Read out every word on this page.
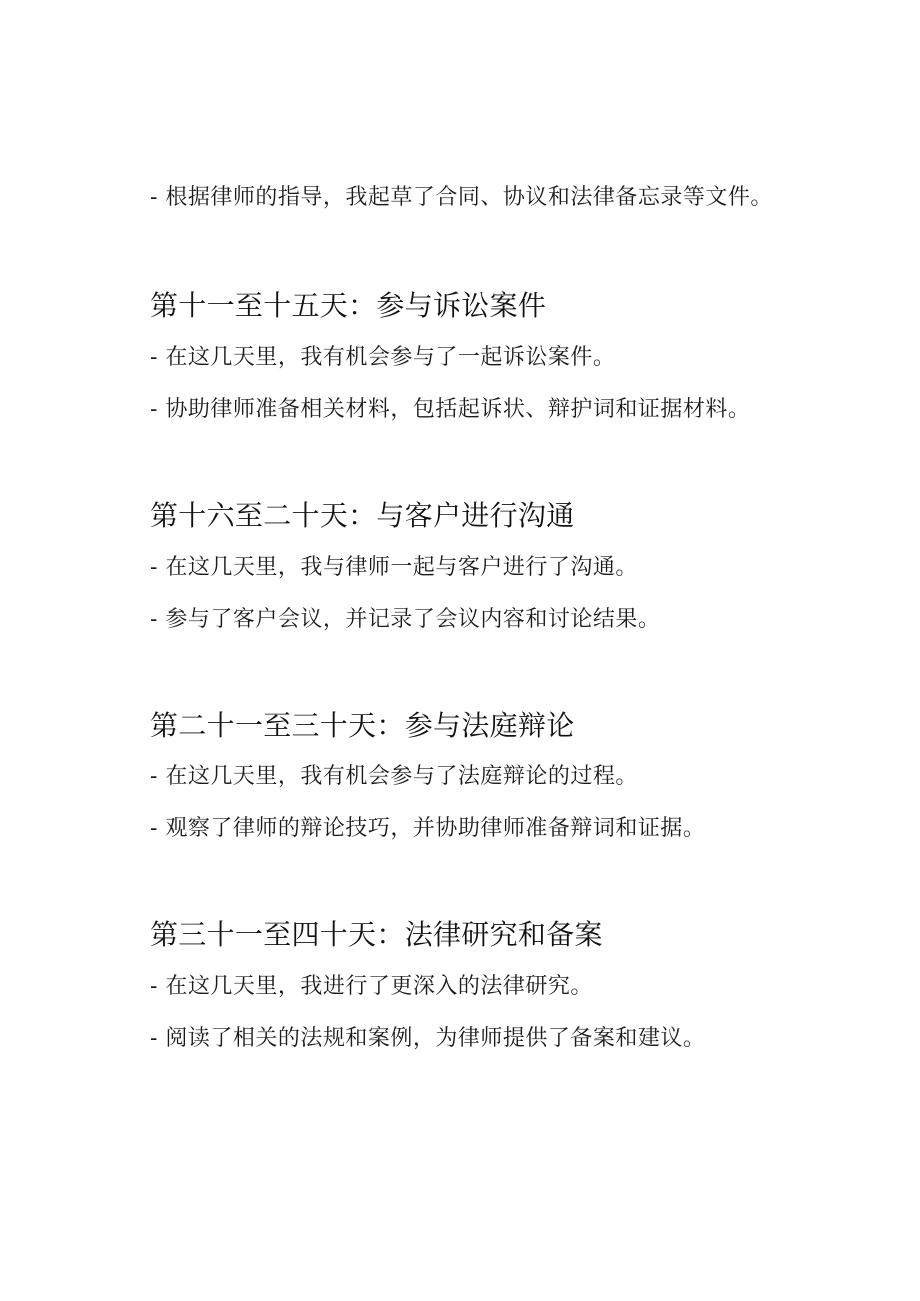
- 根据律师的指导，我起草了合同、协议和法律备忘录等文件。
第十一至十五天：参与诉讼案件
- 在这几天里，我有机会参与了一起诉讼案件。
- 协助律师准备相关材料，包括起诉状、辩护词和证据材料。
第十六至二十天：与客户进行沟通
- 在这几天里，我与律师一起与客户进行了沟通。
- 参与了客户会议，并记录了会议内容和讨论结果。
第二十一至三十天：参与法庭辩论
- 在这几天里，我有机会参与了法庭辩论的过程。
- 观察了律师的辩论技巧，并协助律师准备辩词和证据。
第三十一至四十天：法律研究和备案
- 在这几天里，我进行了更深入的法律研究。
- 阅读了相关的法规和案例，为律师提供了备案和建议。
